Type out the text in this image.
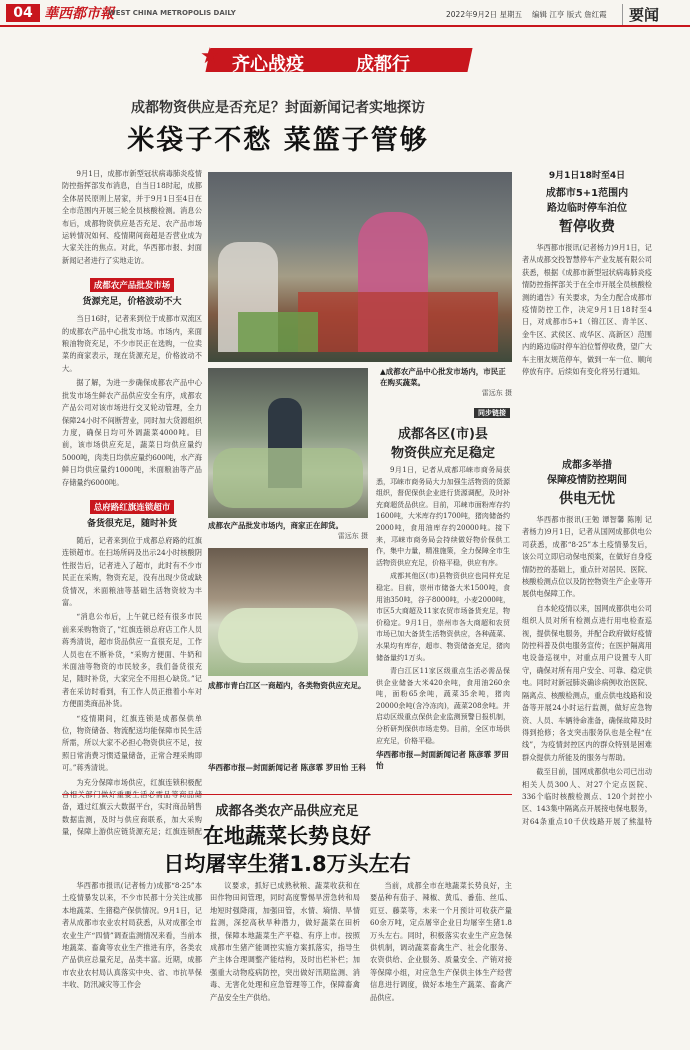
04 華西都市報
WEST CHINA METROPOLIS DAILY	2022年9月2日 星期五 编辑 江亨 版式 詹红霞	要闻
★ 齐心战疫	成都行
成都物资供应是否充足？封面新闻记者实地探访
米袋子不愁 菜篮子管够

9月1日，成都市新型冠状病毒肺炎疫情防控指挥部发布消息，自当日18时起，成都全体居民原则上居家，并于9月1日至4日在全市范围内开展三轮全员核酸检测。消息公布后，成都物资供应是否充足、农产品市场运转情况如何、疫情期间商超是否营业成为大家关注的焦点。对此，华西都市报、封面新闻记者进行了实地走访。

成都农产品批发市场
货源充足，价格波动不大

当日16时，记者来到位于成都市双流区的成都农产品中心批发市场。市场内，来面粮油物资充足，不少市民正在选购，一位卖菜的商家表示，现在货源充足，价格波动不大。

据了解，为进一步确保成都农产品中心批发市场生鲜农产品供应安全有序，成都农产品公司对该市场进行交叉轮动管理，全力保障24小时不间断营业，同时加大货源组织力度，确保日均可外调蔬菜4000吨。目前，该市场供应充足，蔬菜日均供应量约5000吨，肉类日均供应量约600吨，水产海鲜日均供应量约1000吨，米面粮油等产品存储量约6000吨。

总府路红旗连锁超市
备货很充足，随时补货

随后，记者来到位于成都总府路的红旗连锁超市。在扫场所码及出示24小时核酸阴性报告后，记者进入了超市，此时有不少市民正在采购，物资充足，没有出现少货或缺货情况，米面粮油等基础生活物资较为丰富。

“消息公布后，上午就已经有很多市民前来采购物资了，”红旗连锁总府店工作人员蒋秀清说，超市货品供应一直很充足，工作人员也在不断补货，“采购方便面、牛奶和米面油等物资的市民较多，我们备货很充足，随时补货，大家完全不用担心缺货。”记者在采访时看到，有工作人员正推着小车对方便面类商品补货。

“疫情期间，红旗连锁是成都保供单位，物资储备、物流配送均能保障市民生活所需，所以大家不必担心物资供应不足，按照日常消费习惯适量储备，正常合理采购即可。”蒋秀清说。

为充分保障市场供应，红旗连锁积极配 备，通过红旗云大数据平台，实时商品销售数据监测，及时与供应商联系，加大采购量，保障上游供应链货源充足；红旗连锁配

▲成都农产品中心批发市场内，市民正在购买蔬菜。
雷远东 摄
成都农产品批发市场内，商家正在卸货。
雷远东 摄
成都市青白江区一商超内，各类物资供应充足。
华西都市报—封面新闻记者 陈彦霏 罗田怡 王科
同步链接
成都各区(市)县
物资供应充足稳定

9月1日，记者从成都邛崃市商务局获悉，邛崃市商务局大力加强生活物资的货源组织，督促保供企业进行货源调配，及时补充商超货品供应。目前，邛崃市面粉库存约1600吨，大米库存约1700吨，猪肉储备约2000吨，食用油库存约20000吨。接下来，邛崃市商务局会持续做好物价保供工作，集中力量，精准施策，全力保障全市生活物资供应充足，价格平稳，供应有序。

成都其他区(市)县物资供应也同样充足稳定。目前，崇州市储备大米1500吨，食用油350吨，谷子8000吨，小麦2000吨，市区5大商超及11家农贸市场备货充足，物价稳定。9月1日，崇州市各大商超和农贸市场已加大备货生活物资供应，各种蔬菜、水果均有库存，超市、物资储备充足，猪肉储备量约1万头。

青白江区11家区级重点生活必需品保供企业储备大米420余吨，食用油260余吨，面粉65余吨，蔬菜35余吨，猪肉20000余吨(含冷冻肉)，蔬菜208余吨。并启动区级重点保供企业监测预警日报机制，分析研判保供市场走势。目前，全区市场供应充足，价格平稳。

华西都市报—封面新闻记者 陈彦霏 罗田怡
9月1日18时至4日
成都市5+1范围内
路边临时停车泊位
暂停收费

华西都市报讯(记者杨力)9月1日，记者从成都交投智慧停车产业发展有限公司获悉，根据《成都市新型冠状病毒肺炎疫情防控指挥部关于在全市开展全员核酸检测的通告》有关要求，为全力配合成都市疫情防控工作，决定9月1日18时至4日，对成都市5+1（锦江区、青羊区、金牛区、武侯区、成华区、高新区）范围内的路边临时停车泊位暂停收费，望广大车主朋友规范停车，做到一车一位、顺向停放有序。后续如有变化将另行通知。

成都多举措
保障疫情防控期间
供电无忧

华西都市报讯(王勉 谭智馨 陈刚 记者杨力)9月1日，记者从国网成都供电公司获悉，成都“8·25”本土疫情暴发后，该公司立即启动保电预案，在做好自身疫情防控的基础上，重点针对居民、医院、核酸检测点位以及防控物资生产企业等开展供电保障工作。

自本轮疫情以来，国网成都供电公司组织人员对所有检测点进行用电检查巡视，提供保电服务，并配合政府做好疫情防控科普及供电服务宣传；在医护隔离用电设备巡视中，对重点用户设置专人盯守，确保对所有用户安全、可靠、稳定供电。同时对新冠肺炎确诊病例收治医院、隔离点、核酸检测点，重点供电线路和设备等开展24小时运行监测，做好应急物资、人员、车辆待命准备，确保故障及时得到抢修；各支突击服务队也是全程“在线”，为疫情封控区内的群众特别是困难群众提供力所能及的服务与帮助。

截至目前，国网成都供电公司已出动相关人员300人、对27个定点医院、336个临时核酸检测点、120个封控小区、143集中隔离点开展接电保电服务，对64条重点10千伏线路开展了熊温特

成都各类农产品供应充足
在地蔬菜长势良好
日均屠宰生猪1.8万头左右

华西都市报讯(记者杨力)成都“8·25”本土疫情暴发以来，不少市民都十分关注成都本地蔬菜、生猪稳产保供情况。9月1日，记者从成都市农业农村局获悉，从对成都全市农业生产“四情”调查监测情况来看，当前本地蔬菜、畜禽等农业生产推进有序，各类农产品供应总量充足，品类丰富。近期，成都市农业农村局认真落实中央、省、市抗旱保丰收、防汛减灾等工作会

议要求，抓好已成熟秋粮、蔬菜收获和在田作物田间管理，同时高度警惕旱涝急转和局地短时强降雨，加强田管，水情、墒情、旱情监测，深挖高秋旱种潜力，做好蔬菜在田析报，保障本地蔬菜生产平稳、有序上市。按照成都市生猪产能调控实施方案抓落实，指导生产主体合理调整产能结构，及时出栏补栏；加强重大动物疫病防控，突出做好汛期监测、消毒、无害化处理和应急管理等工作，保障畜禽产品安全生产供给。

当前，成都全市在地蔬菜长势良好，主要品种有茄子、辣椒、黄瓜、番茄、丝瓜、豇豆、藤菜等，未来一个月预计可收获产量60余万吨，定点屠宰企业日均屠宰生猪1.8万头左右。同时，积极落实农业生产应急保供机制，调动蔬菜畜禽生产、社会化服务、农资供给、企业服务、质量安全、产销对接等保障小组，对应急生产保供主体生产经营信息进行调度，做好本地生产蔬菜、畜禽产品供应。
